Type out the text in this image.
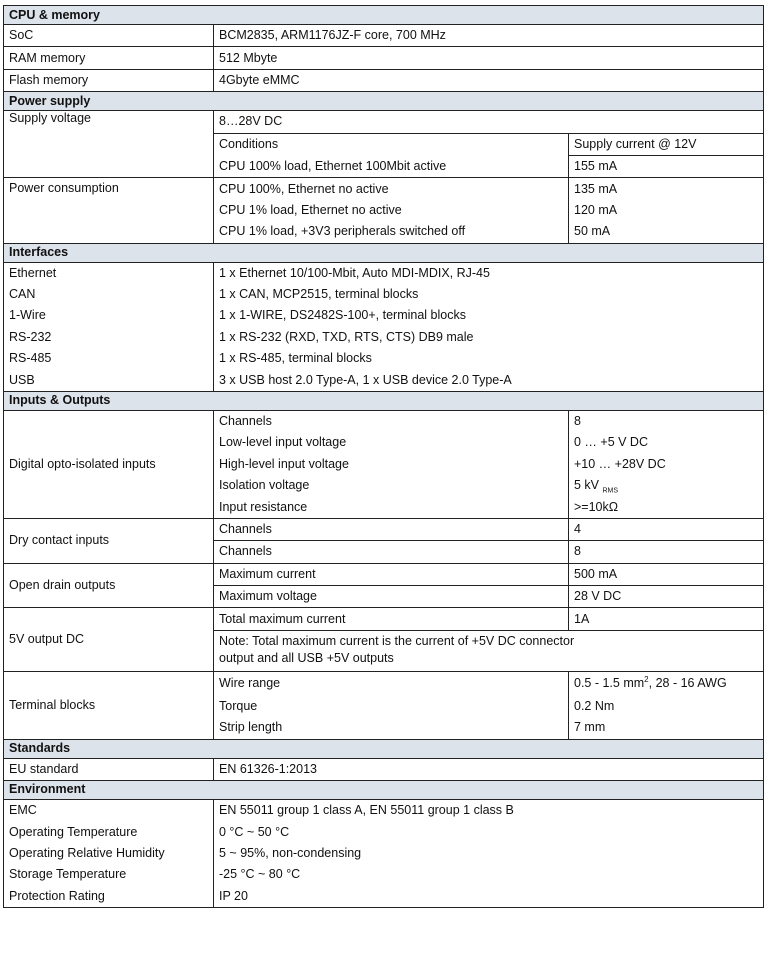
CPU & memory		
SoC	BCM2835, ARM1176JZ-F core, 700 MHz	
RAM memory	512 Mbyte	
Flash memory	4Gbyte eMMC	
Power supply		
Supply voltage	8…28V DC	
	Conditions	Supply current @ 12V
	CPU 100% load, Ethernet 100Mbit active	155 mA
Power consumption	CPU 100%, Ethernet no active	135 mA
	CPU 1% load, Ethernet no active	120 mA
	CPU 1% load, +3V3 peripherals switched off	50 mA
Interfaces		
Ethernet	1 x Ethernet 10/100-Mbit, Auto MDI-MDIX, RJ-45	
CAN	1 x CAN, MCP2515, terminal blocks	
1-Wire	1 x 1-WIRE, DS2482S-100+, terminal blocks	
RS-232	1 x RS-232 (RXD, TXD, RTS, CTS) DB9 male	
RS-485	1 x RS-485, terminal blocks	
USB	3 x USB host 2.0 Type-A, 1 x USB device 2.0 Type-A	
Inputs & Outputs		
Digital opto-isolated inputs	Channels	8
	Low-level input voltage	0 … +5 V DC
	High-level input voltage	+10 … +28V DC
	Isolation voltage	5 kV $_{RMS}$
	Input resistance	>=10kΩ
Dry contact inputs	Channels	4
	Channels	8
Open drain outputs	Maximum current	500 mA
	Maximum voltage	28 V DC
5V output DC	Total maximum current	1A

	Note: Total maximum current is the current of +5V DC connector
output and all USB +5V outputs	

Terminal blocks	Wire range	0.5 - 1.5 $mm^2$, 28 - 16 AWG
	Torque	0.2 Nm
	Strip length	7 mm
Standards		
EU standard	EN 61326-1:2013	
Environment		
EMC	EN 55011 group 1 class A, EN 55011 group 1 class B	
Operating Temperature	0 °C ~ 50 °C	
Operating Relative Humidity	5 ~ 95%, non-condensing	
Storage Temperature	-25 °C ~ 80 °C	
Protection Rating	IP 20	
